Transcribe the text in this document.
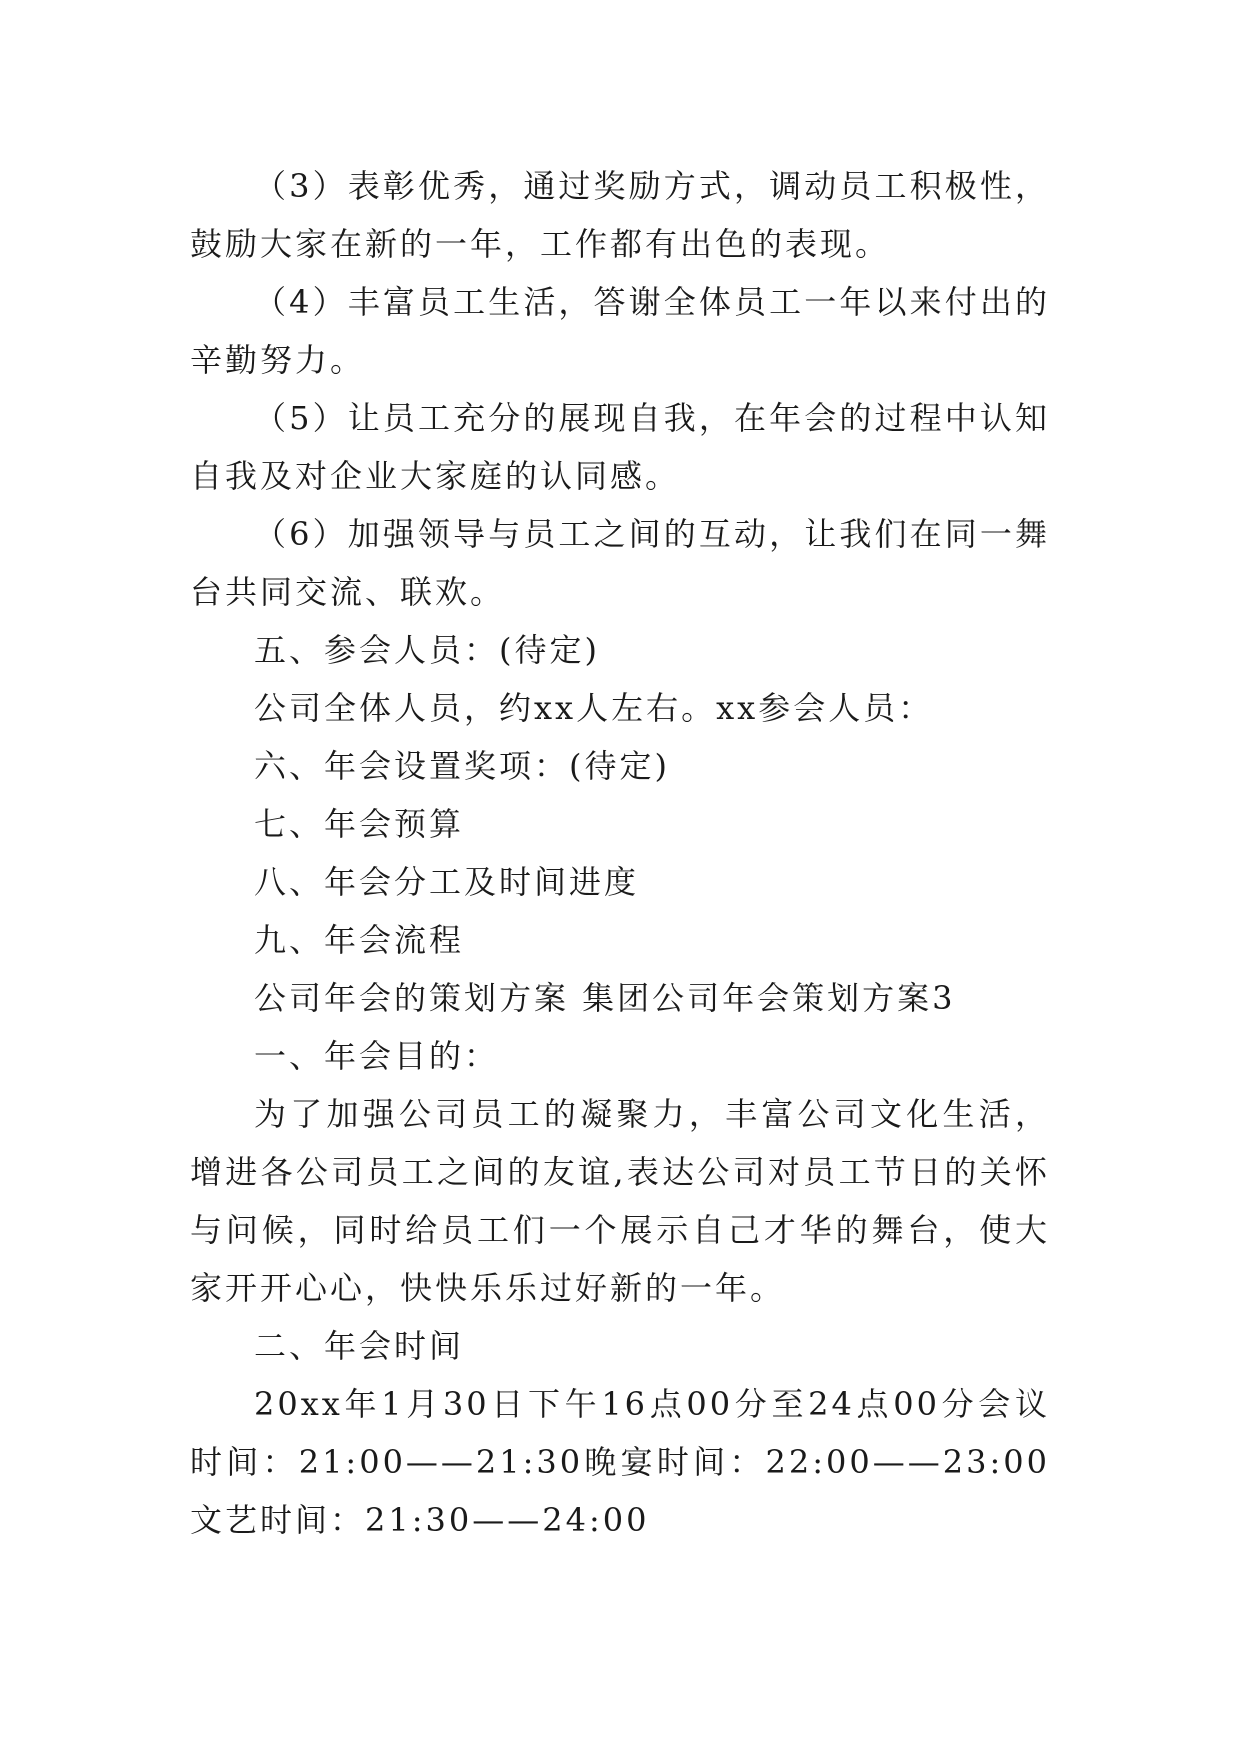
（3）表彰优秀，通过奖励方式，调动员工积极性，鼓励大家在新的一年，工作都有出色的表现。

（4）丰富员工生活，答谢全体员工一年以来付出的辛勤努力。

（5）让员工充分的展现自我，在年会的过程中认知自我及对企业大家庭的认同感。

（6）加强领导与员工之间的互动，让我们在同一舞台共同交流、联欢。

五、参会人员：(待定)

公司全体人员，约xx人左右。xx参会人员：

六、年会设置奖项：(待定)

七、年会预算

八、年会分工及时间进度

九、年会流程

公司年会的策划方案 集团公司年会策划方案3

一、年会目的：

为了加强公司员工的凝聚力，丰富公司文化生活，增进各公司员工之间的友谊,表达公司对员工节日的关怀与问候，同时给员工们一个展示自己才华的舞台，使大家开开心心，快快乐乐过好新的一年。

二、年会时间

20xx年1月30日下午16点00分至24点00分会议时间：21:00——21:30晚宴时间：22:00——23:00文艺时间：21:30——24:00
